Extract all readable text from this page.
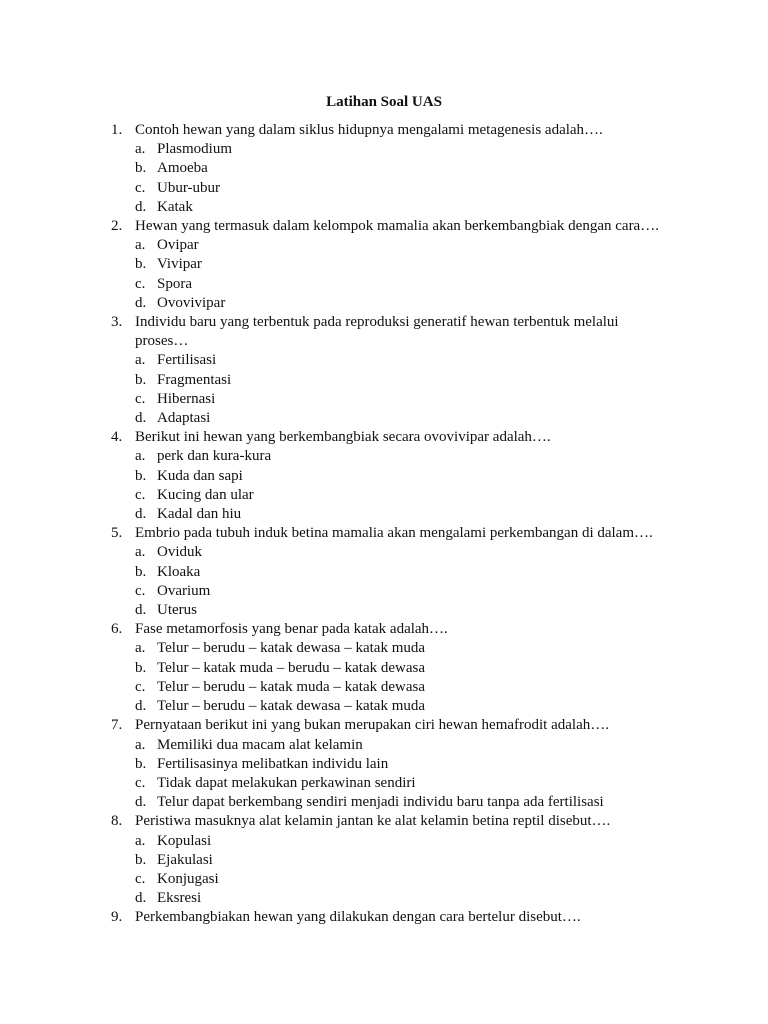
Latihan Soal UAS
1. Contoh hewan yang dalam siklus hidupnya mengalami metagenesis adalah….
a. Plasmodium
b. Amoeba
c. Ubur-ubur
d. Katak
2. Hewan yang termasuk dalam kelompok mamalia akan berkembangbiak dengan cara….
a. Ovipar
b. Vivipar
c. Spora
d. Ovovivipar
3. Individu baru yang terbentuk pada reproduksi generatif hewan terbentuk melalui proses…
a. Fertilisasi
b. Fragmentasi
c. Hibernasi
d. Adaptasi
4. Berikut ini hewan yang berkembangbiak secara ovovivipar adalah….
a. perk dan kura-kura
b. Kuda dan sapi
c. Kucing dan ular
d. Kadal dan hiu
5. Embrio pada tubuh induk betina mamalia akan mengalami perkembangan di dalam….
a. Oviduk
b. Kloaka
c. Ovarium
d. Uterus
6. Fase metamorfosis yang benar pada katak adalah….
a. Telur – berudu – katak dewasa – katak muda
b. Telur – katak muda – berudu – katak dewasa
c. Telur – berudu – katak muda – katak dewasa
d. Telur – berudu – katak dewasa – katak muda
7. Pernyataan berikut ini yang bukan merupakan ciri hewan hemafrodit adalah….
a. Memiliki dua macam alat kelamin
b. Fertilisasinya melibatkan individu lain
c. Tidak dapat melakukan perkawinan sendiri
d. Telur dapat berkembang sendiri menjadi individu baru tanpa ada fertilisasi
8. Peristiwa masuknya alat kelamin jantan ke alat kelamin betina reptil disebut….
a. Kopulasi
b. Ejakulasi
c. Konjugasi
d. Eksresi
9. Perkembangbiakan hewan yang dilakukan dengan cara bertelur disebut….
